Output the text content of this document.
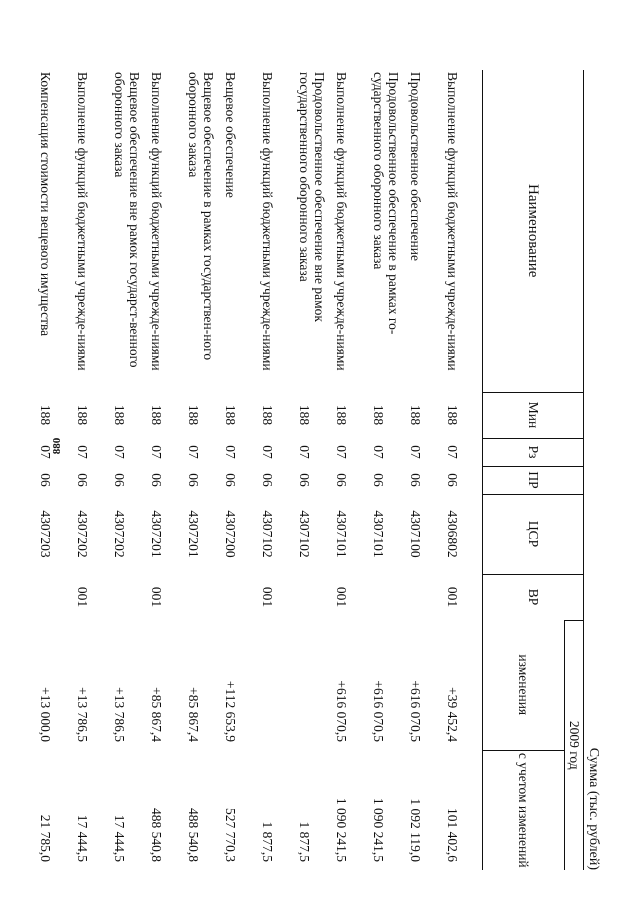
880
Сумма (тыс. рублей)
Наименование	Мин	Рз	ПР	ЦСР	ВР	2009 год	
						изменения	с учетом изменений
Выполнение функций бюджетными учрежде-ниями	188	07	06	4306802	001	+39 452,4	101 402,6
Продовольственное обеспечение	188	07	06	4307100		+616 070,5	1 092 119,0
Продовольственное обеспечение в рамках го-сударственного оборонного заказа	188	07	06	4307101		+616 070,5	1 090 241,5
Выполнение функций бюджетными учрежде-ниями	188	07	06	4307101	001	+616 070,5	1 090 241,5
Продовольственное обеспечение вне рамок государственного оборонного заказа	188	07	06	4307102			1 877,5
Выполнение функций бюджетными учрежде-ниями	188	07	06	4307102	001		1 877,5
Вещевое обеспечение	188	07	06	4307200		+112 653,9	527 770,3
Вещевое обеспечение в рамках государствен-ного оборонного заказа	188	07	06	4307201		+85 867,4	488 540,8
Выполнение функций бюджетными учрежде-ниями	188	07	06	4307201	001	+85 867,4	488 540,8
Вещевое обеспечение вне рамок государст-венного оборонного заказа	188	07	06	4307202		+13 786,5	17 444,5
Выполнение функций бюджетными учрежде-ниями	188	07	06	4307202	001	+13 786,5	17 444,5
Компенсация стоимости вещевого имущества	188	07	06	4307203		+13 000,0	21 785,0
